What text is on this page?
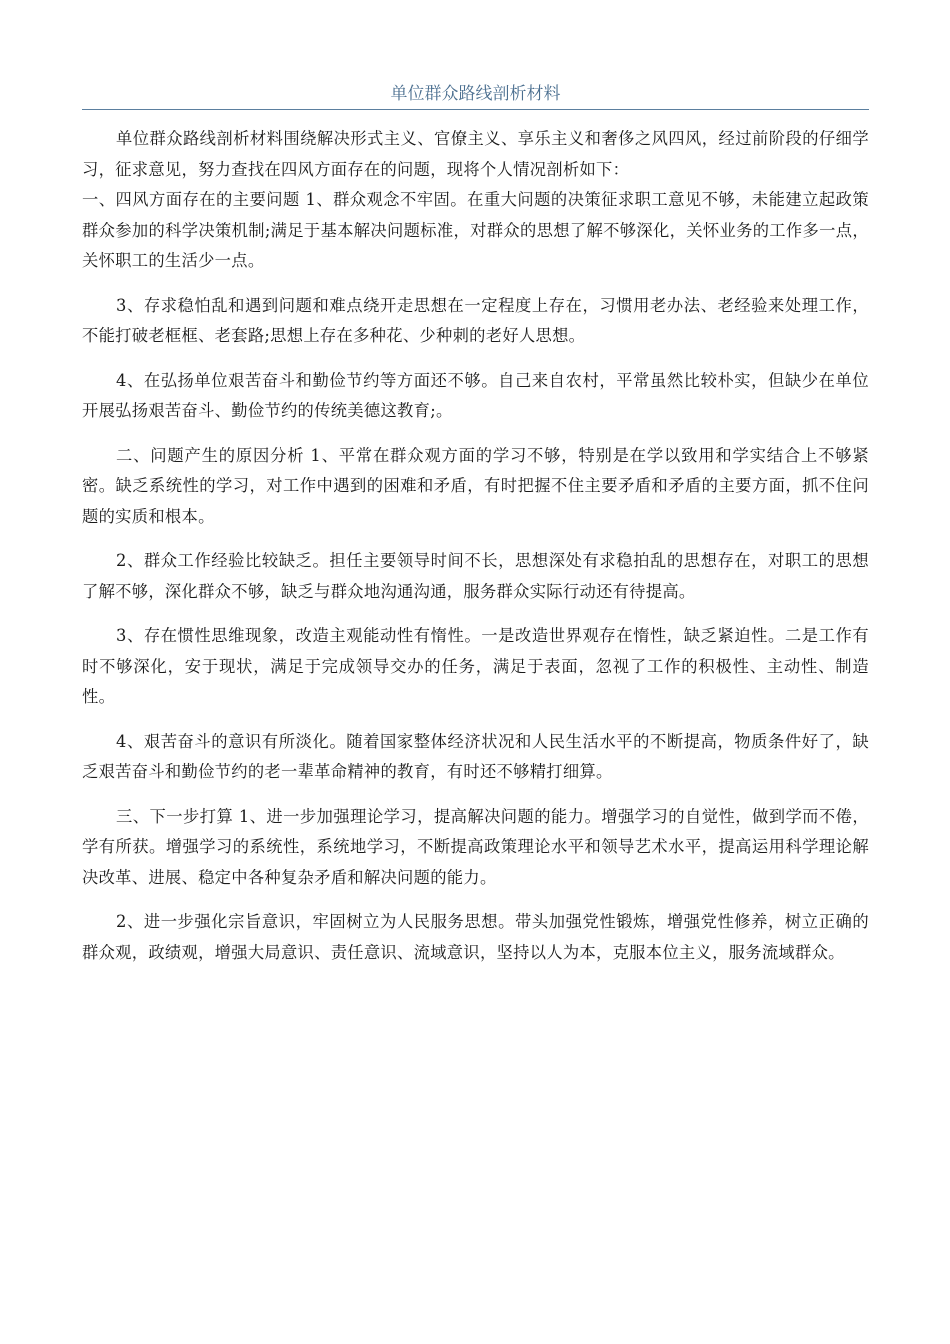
单位群众路线剖析材料

单位群众路线剖析材料围绕解决形式主义、官僚主义、享乐主义和奢侈之风四风，经过前阶段的仔细学习，征求意见，努力查找在四风方面存在的问题，现将个人情况剖析如下：

一、四风方面存在的主要问题 1、群众观念不牢固。在重大问题的决策征求职工意见不够，未能建立起政策群众参加的科学决策机制;满足于基本解决问题标准，对群众的思想了解不够深化，关怀业务的工作多一点，关怀职工的生活少一点。

3、存求稳怕乱和遇到问题和难点绕开走思想在一定程度上存在，习惯用老办法、老经验来处理工作，不能打破老框框、老套路;思想上存在多种花、少种刺的老好人思想。

4、在弘扬单位艰苦奋斗和勤俭节约等方面还不够。自己来自农村，平常虽然比较朴实，但缺少在单位开展弘扬艰苦奋斗、勤俭节约的传统美德这教育;。

二、问题产生的原因分析 1、平常在群众观方面的学习不够，特别是在学以致用和学实结合上不够紧密。缺乏系统性的学习，对工作中遇到的困难和矛盾，有时把握不住主要矛盾和矛盾的主要方面，抓不住问题的实质和根本。

2、群众工作经验比较缺乏。担任主要领导时间不长，思想深处有求稳拍乱的思想存在，对职工的思想了解不够，深化群众不够，缺乏与群众地沟通沟通，服务群众实际行动还有待提高。

3、存在惯性思维现象，改造主观能动性有惰性。一是改造世界观存在惰性，缺乏紧迫性。二是工作有时不够深化，安于现状，满足于完成领导交办的任务，满足于表面，忽视了工作的积极性、主动性、制造性。

4、艰苦奋斗的意识有所淡化。随着国家整体经济状况和人民生活水平的不断提高，物质条件好了，缺乏艰苦奋斗和勤俭节约的老一辈革命精神的教育，有时还不够精打细算。

三、下一步打算 1、进一步加强理论学习，提高解决问题的能力。增强学习的自觉性，做到学而不倦，学有所获。增强学习的系统性，系统地学习，不断提高政策理论水平和领导艺术水平，提高运用科学理论解决改革、进展、稳定中各种复杂矛盾和解决问题的能力。

2、进一步强化宗旨意识，牢固树立为人民服务思想。带头加强党性锻炼，增强党性修养，树立正确的群众观，政绩观，增强大局意识、责任意识、流域意识，坚持以人为本，克服本位主义，服务流域群众。
